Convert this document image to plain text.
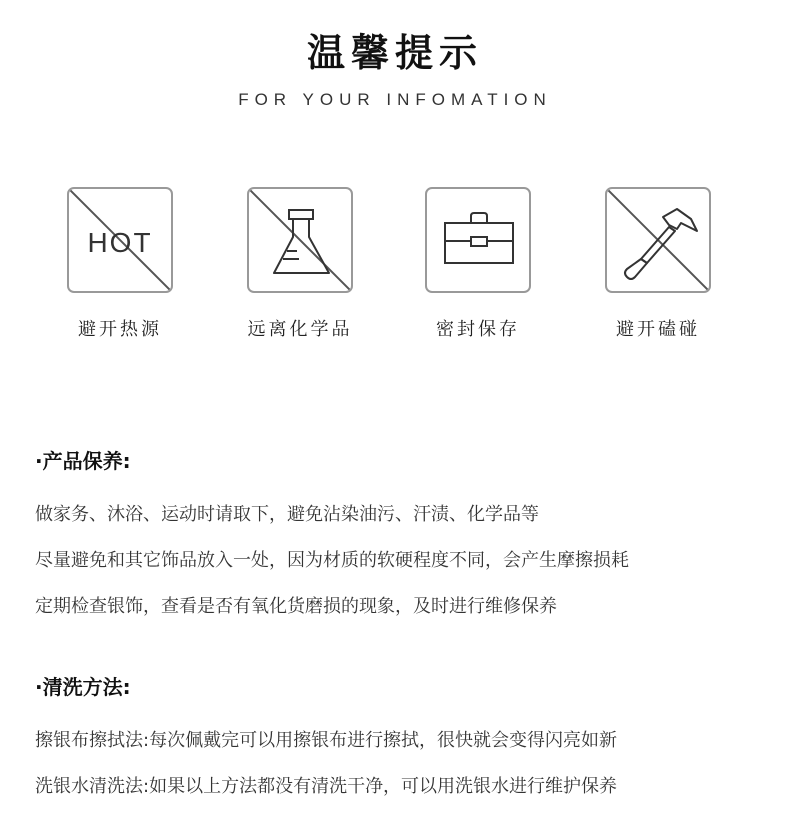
温馨提示
FOR YOUR INFOMATION
HOT
避开热源	远离化学品	密封保存	避开磕碰
·产品保养:
做家务、沐浴、运动时请取下，避免沾染油污、汗渍、化学品等
尽量避免和其它饰品放入一处，因为材质的软硬程度不同，会产生摩擦损耗
定期检查银饰，查看是否有氧化货磨损的现象，及时进行维修保养
·清洗方法:
擦银布擦拭法:每次佩戴完可以用擦银布进行擦拭，很快就会变得闪亮如新
洗银水清洗法:如果以上方法都没有清洗干净，可以用洗银水进行维护保养
